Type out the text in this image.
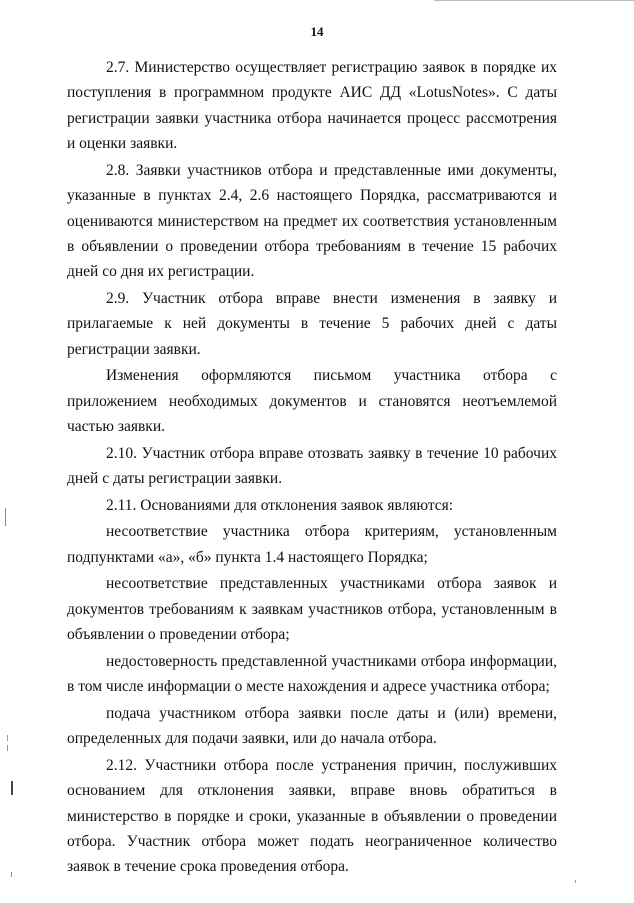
14

2.7. Министерство осуществляет регистрацию заявок в порядке их поступления в программном продукте АИС ДД «LotusNotes». С даты регистрации заявки участника отбора начинается процесс рассмотрения и оценки заявки.

2.8. Заявки участников отбора и представленные ими документы, указанные в пунктах 2.4, 2.6 настоящего Порядка, рассматриваются и оцениваются министерством на предмет их соответствия установленным в объявлении о проведении отбора требованиям в течение 15 рабочих дней со дня их регистрации.

2.9. Участник отбора вправе внести изменения в заявку и прилагаемые к ней документы в течение 5 рабочих дней с даты регистрации заявки.

Изменения оформляются письмом участника отбора с приложением необходимых документов и становятся неотъемлемой частью заявки.

2.10. Участник отбора вправе отозвать заявку в течение 10 рабочих дней с даты регистрации заявки.

2.11. Основаниями для отклонения заявок являются:

несоответствие участника отбора критериям, установленным подпунктами «а», «б» пункта 1.4 настоящего Порядка;

несоответствие представленных участниками отбора заявок и документов требованиям к заявкам участников отбора, установленным в объявлении о проведении отбора;

недостоверность представленной участниками отбора информации, в том числе информации о месте нахождения и адресе участника отбора;

подача участником отбора заявки после даты и (или) времени, определенных для подачи заявки, или до начала отбора.

2.12. Участники отбора после устранения причин, послуживших основанием для отклонения заявки, вправе вновь обратиться в министерство в порядке и сроки, указанные в объявлении о проведении отбора. Участник отбора может подать неограниченное количество заявок в течение срока проведения отбора.
